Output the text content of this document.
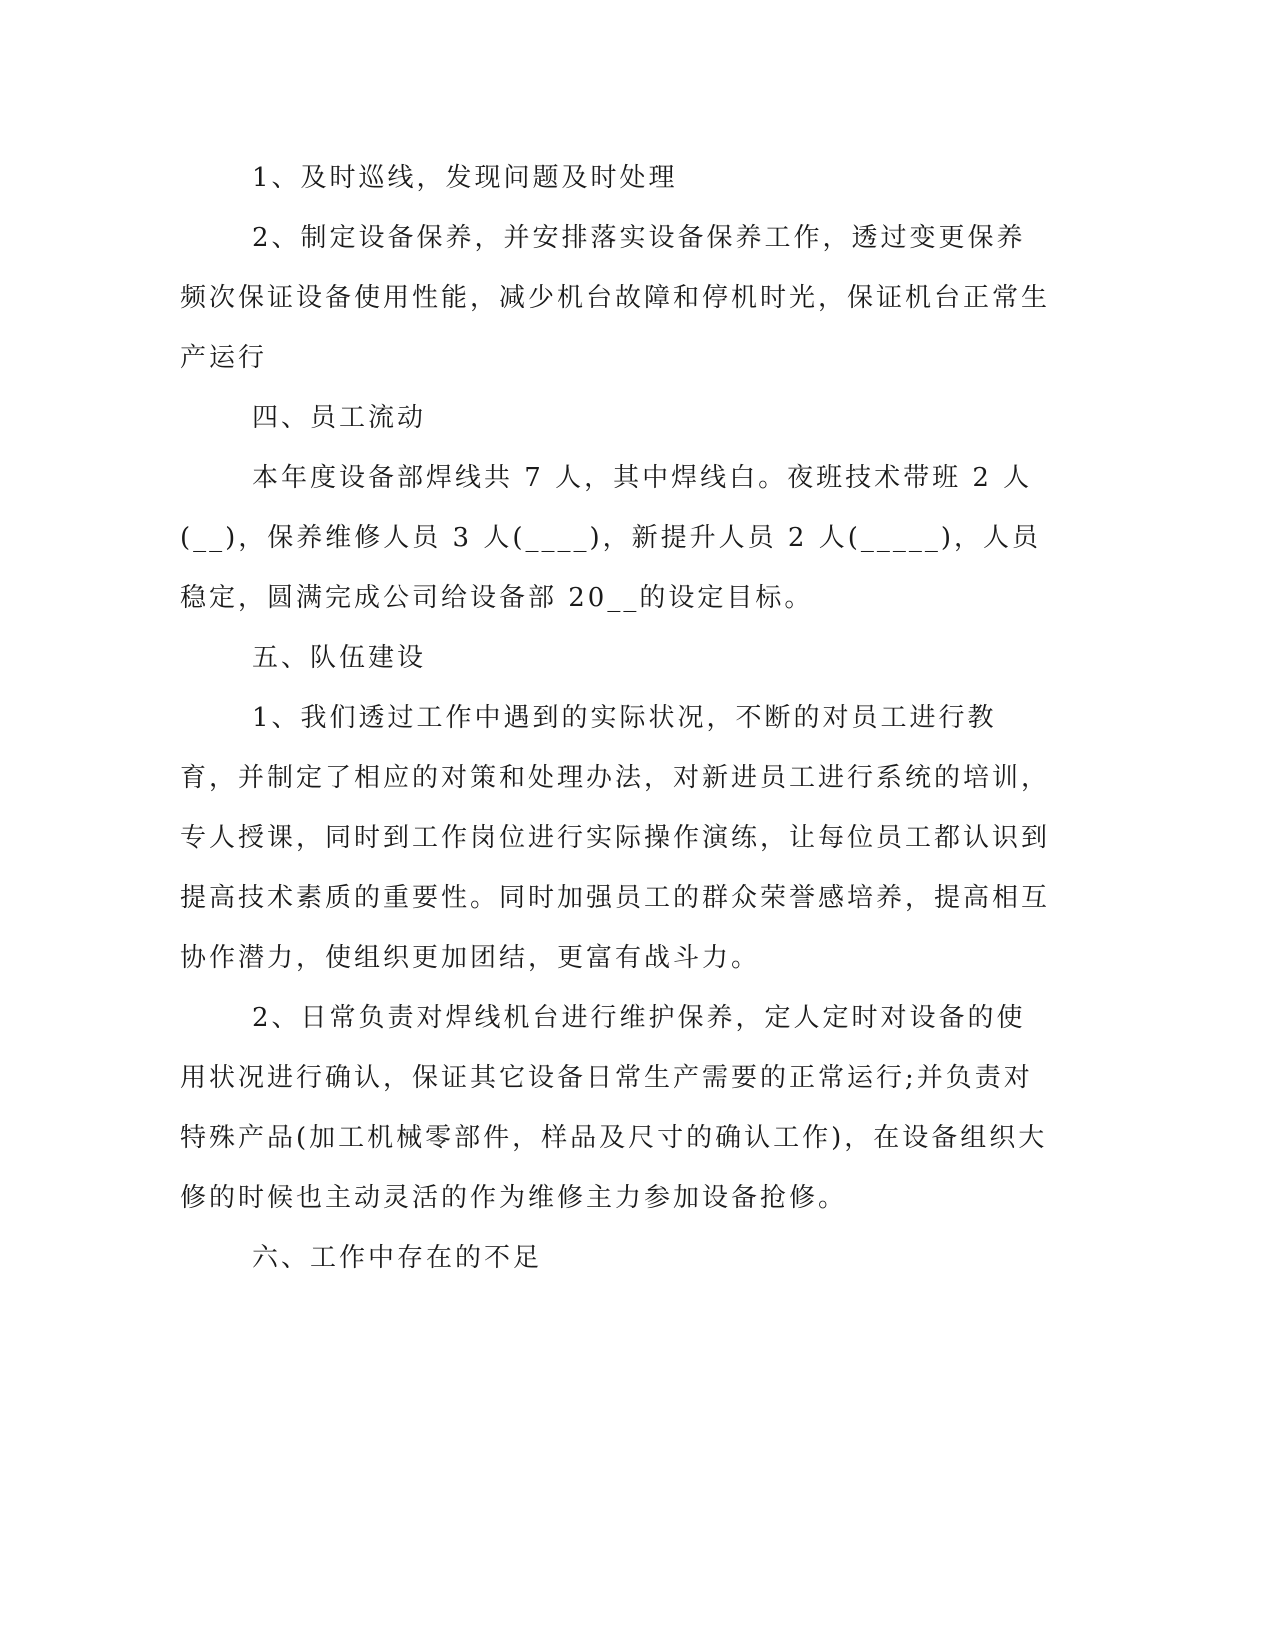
1、及时巡线，发现问题及时处理

2、制定设备保养，并安排落实设备保养工作，透过变更保养频次保证设备使用性能，减少机台故障和停机时光，保证机台正常生产运行

四、员工流动

本年度设备部焊线共 7 人，其中焊线白。夜班技术带班 2 人(__)，保养维修人员 3 人(____)，新提升人员 2 人(_____)，人员稳定，圆满完成公司给设备部 20__的设定目标。

五、队伍建设

1、我们透过工作中遇到的实际状况，不断的对员工进行教育，并制定了相应的对策和处理办法，对新进员工进行系统的培训，专人授课，同时到工作岗位进行实际操作演练，让每位员工都认识到提高技术素质的重要性。同时加强员工的群众荣誉感培养，提高相互协作潜力，使组织更加团结，更富有战斗力。

2、日常负责对焊线机台进行维护保养，定人定时对设备的使用状况进行确认，保证其它设备日常生产需要的正常运行;并负责对特殊产品(加工机械零部件，样品及尺寸的确认工作)，在设备组织大修的时候也主动灵活的作为维修主力参加设备抢修。

六、工作中存在的不足
